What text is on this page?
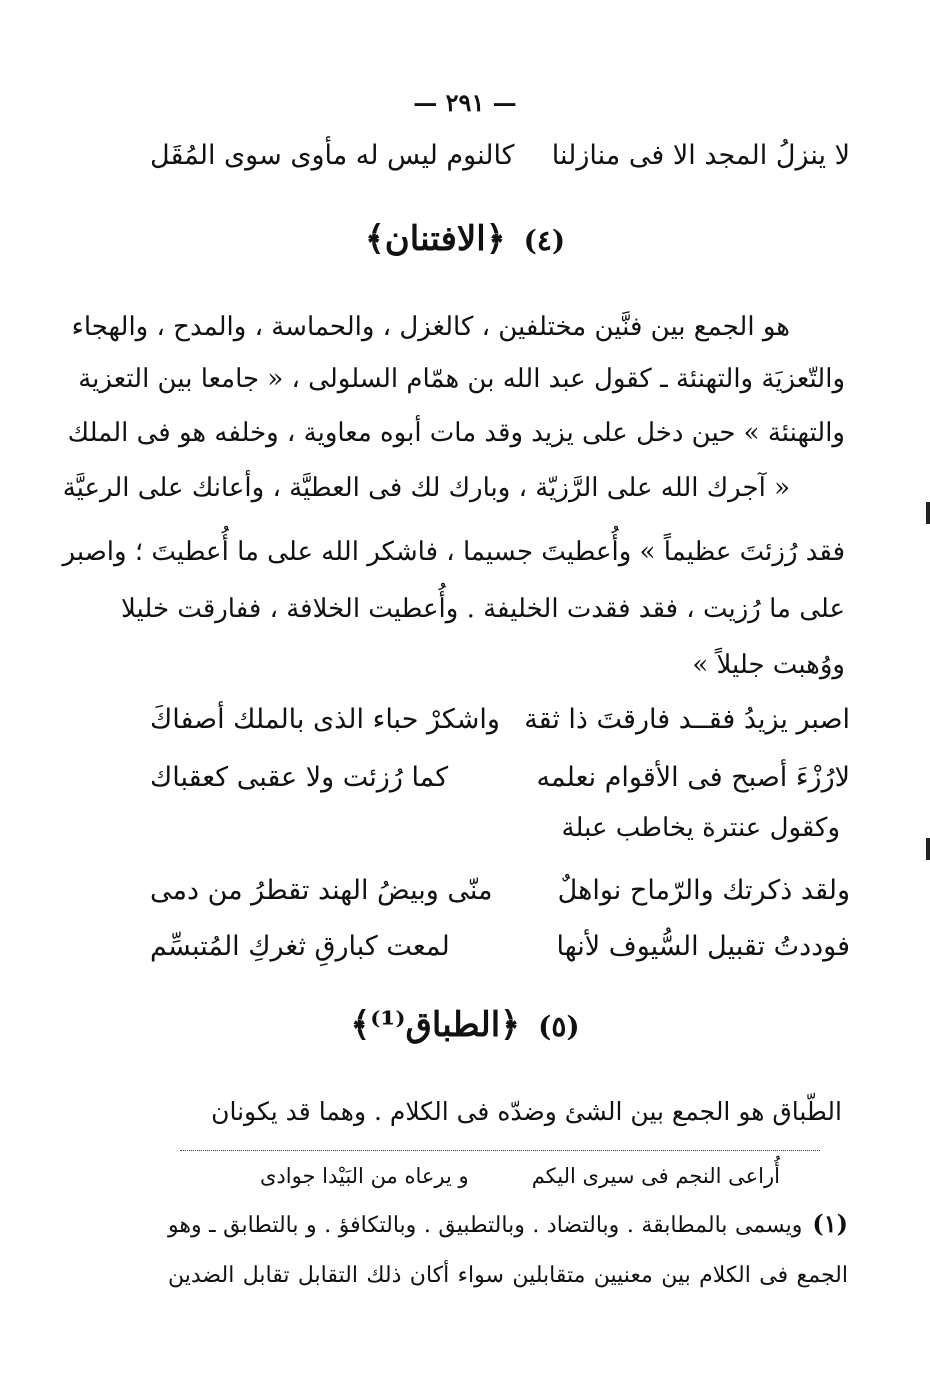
— ٢٩١ —
لا ينزلُ المجد الا فى منازلنا
كالنوم ليس له مأوى سوى المُقَل
(٤)﴿الافتنان﴾
هو الجمع بين فنَّين مختلفين ، كالغزل ، والحماسة ، والمدح ، والهجاء
والتّعزيَة والتهنئة ـ كقول عبد الله بن همّام السلولى ، « جامعا بين التعزية
والتهنئة » حين دخل على يزيد وقد مات أبوه معاوية ، وخلفه هو فى الملك
« آجرك الله على الرَّزيّة ، وبارك لك فى العطيَّة ، وأعانك على الرعيَّة
فقد رُزئتَ عظيماً » وأُعطيتَ جسيما ، فاشكر الله على ما أُعطيتَ ؛ واصبر
على ما رُزيت ، فقد فقدت الخليفة . وأُعطيت الخلافة ، ففارقت خليلا
ووُهبت جليلاً »
اصبر يزيدُ فقــد فارقتَ ذا ثقة
واشكرْ حباء الذى بالملك أصفاكَ
لارُزْءَ أصبح فى الأقوام نعلمه
كما رُزئت ولا عقبى كعقباك
وكقول عنترة يخاطب عبلة
ولقد ذكرتك والرّماح نواهلٌ
منّى وبيضُ الهند تقطرُ من دمى
فوددتُ تقبيل السُّيوف لأنها
لمعت كبارقِ ثغركِ المُتبسِّم
(٥)﴿الطباق⁽¹⁾﴾
الطّباق هو الجمع بين الشئ وضدّه فى الكلام . وهما قد يكونان
أُراعى النجم فى سيرى اليكم
و يرعاه من البَيْدا جوادى
(١)ويسمى بالمطابقة . وبالتضاد . وبالتطبيق . وبالتكافؤ . و بالتطابق ـ وهو
الجمع فى الكلام بين معنيين متقابلين سواء أكان ذلك التقابل تقابل الضدين
